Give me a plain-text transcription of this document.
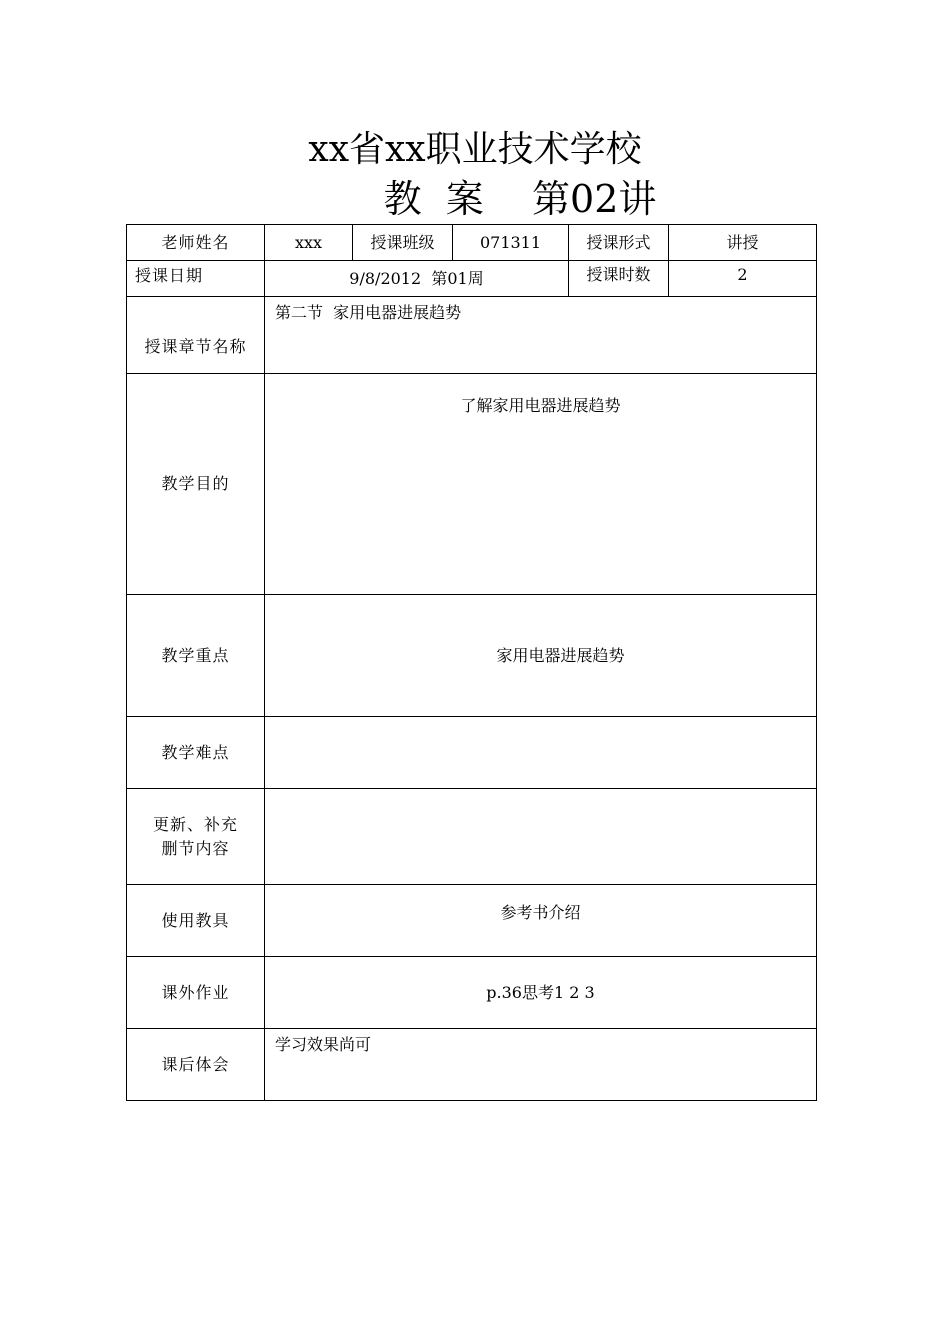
xx省xx职业技术学校
教  案    第02讲
老师姓名	xxx	授课班级	071311	授课形式	讲授
授课日期	9/8/2012  第01周			授课时数	2
授课章节名称	第二节  家用电器进展趋势				
教学目的	了解家用电器进展趋势				
教学重点	家用电器进展趋势				
教学难点					

更新、补充
删节内容					

使用教具	参考书介绍				
课外作业	p.36思考1 2 3				
课后体会	学习效果尚可				
